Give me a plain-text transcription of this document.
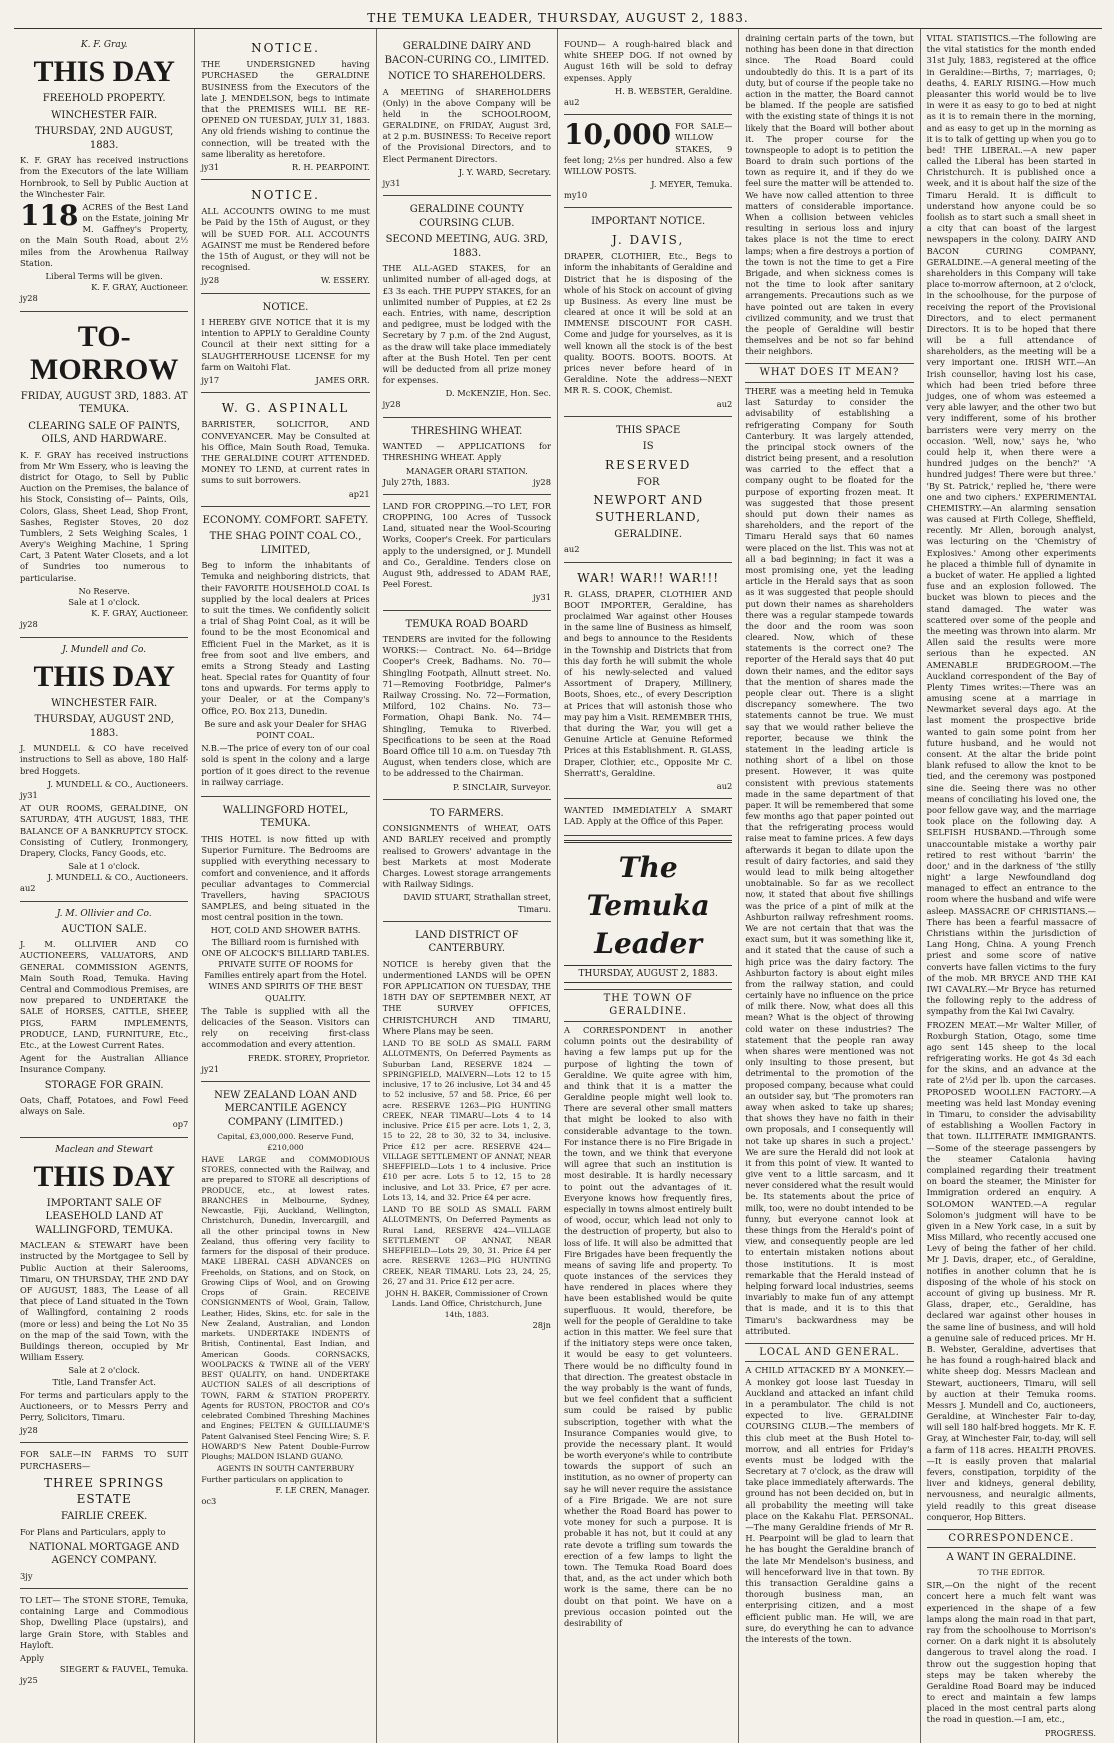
THE TEMUKA LEADER, THURSDAY, AUGUST 2, 1883.
K. F. Gray.
THIS DAY
FREEHOLD PROPERTY.
WINCHESTER FAIR.
THURSDAY, 2ND AUGUST, 1883.

K. F. GRAY has received instructions from the Executors of the late William Hornbrook, to Sell by Public Auction at the Winchester Fair.

118 ACRES of the Best Land on the Estate, joining Mr M. Gaffney's Property, on the Main South Road, about 2½ miles from the Arowhenua Railway Station.

Liberal Terms will be given.
K. F. GRAY, Auctioneer.
jy28
TO-MORROW
FRIDAY, AUGUST 3RD, 1883. AT TEMUKA.
CLEARING SALE OF PAINTS, OILS, AND HARDWARE.

K. F. GRAY has received instructions from Mr Wm Essery, who is leaving the district for Otago, to Sell by Public Auction on the Premises, the balance of his Stock, Consisting of— Paints, Oils, Colors, Glass, Sheet Lead, Shop Front, Sashes, Register Stoves, 20 doz Tumblers, 2 Sets Weighing Scales, 1 Avery's Weighing Machine, 1 Spring Cart, 3 Patent Water Closets, and a lot of Sundries too numerous to particularise.

No Reserve.
Sale at 1 o'clock.
K. F. GRAY, Auctioneer.
jy28
J. Mundell and Co.
THIS DAY
WINCHESTER FAIR.
THURSDAY, AUGUST 2ND, 1883.

J. MUNDELL & CO have received instructions to Sell as above, 180 Half-bred Hoggets.

J. MUNDELL & CO., Auctioneers.
jy31

AT OUR ROOMS, GERALDINE, ON SATURDAY, 4TH AUGUST, 1883, THE BALANCE OF A BANKRUPTCY STOCK. Consisting of Cutlery, Ironmongery, Drapery, Clocks, Fancy Goods, etc.

Sale at 1 o'clock.
J. MUNDELL & CO., Auctioneers.
au2
J. M. Ollivier and Co.
AUCTION SALE.

J. M. OLLIVIER AND CO AUCTIONEERS, VALUATORS, AND GENERAL COMMISSION AGENTS, Main South Road, Temuka. Having Central and Commodious Premises, are now prepared to UNDERTAKE the SALE of HORSES, CATTLE, SHEEP, PIGS, FARM IMPLEMENTS, PRODUCE, LAND, FURNITURE, Etc., Etc., at the Lowest Current Rates.

Agent for the Australian Alliance Insurance Company.

STORAGE FOR GRAIN.

Oats, Chaff, Potatoes, and Fowl Feed always on Sale.

op7
Maclean and Stewart
THIS DAY
IMPORTANT SALE OF LEASEHOLD LAND AT WALLINGFORD, TEMUKA.

MACLEAN & STEWART have been instructed by the Mortgagee to Sell by Public Auction at their Salerooms, Timaru, ON THURSDAY, THE 2ND DAY OF AUGUST, 1883, The Lease of all that piece of Land situated in the Town of Wallingford, containing 2 roods (more or less) and being the Lot No 35 on the map of the said Town, with the Buildings thereon, occupied by Mr William Essery.

Sale at 2 o'clock.
Title, Land Transfer Act.

For terms and particulars apply to the Auctioneers, or to Messrs Perry and Perry, Solicitors, Timaru.

jy28

FOR SALE—IN FARMS TO SUIT PURCHASERS—

THREE SPRINGS ESTATE
FAIRLIE CREEK.

For Plans and Particulars, apply to

NATIONAL MORTGAGE AND AGENCY COMPANY.
3jy

TO LET— The STONE STORE, Temuka, containing Large and Commodious Shop, Dwelling Place (upstairs), and large Grain Store, with Stables and Hayloft.

Apply
SIEGERT & FAUVEL, Temuka.
jy25
NOTICE.

THE UNDERSIGNED having PURCHASED the GERALDINE BUSINESS from the Executors of the late J. MENDELSON, begs to intimate that the PREMISES WILL BE RE-OPENED ON TUESDAY, JULY 31, 1883. Any old friends wishing to continue the connection, will be treated with the same liberality as heretofore.

jy31	R. H. PEARPOINT.
NOTICE.

ALL ACCOUNTS OWING to me must be Paid by the 15th of August, or they will be SUED FOR. ALL ACCOUNTS AGAINST me must be Rendered before the 15th of August, or they will not be recognised.

jy28	W. ESSERY.
NOTICE.

I HEREBY GIVE NOTICE that it is my intention to APPLY to Geraldine County Council at their next sitting for a SLAUGHTERHOUSE LICENSE for my farm on Waitohi Flat.

jy17	JAMES ORR.
W. G. ASPINALL

BARRISTER, SOLICITOR, AND CONVEYANCER. May be Consulted at his Office, Main South Road, Temuka. THE GERALDINE COURT ATTENDED. MONEY TO LEND, at current rates in sums to suit borrowers.

ap21
ECONOMY. COMFORT. SAFETY.
THE SHAG POINT COAL CO., LIMITED,

Beg to inform the inhabitants of Temuka and neighboring districts, that their FAVORITE HOUSEHOLD COAL Is supplied by the local dealers at Prices to suit the times. We confidently solicit a trial of Shag Point Coal, as it will be found to be the most Economical and Efficient Fuel in the Market, as it is free from soot and live embers, and emits a Strong Steady and Lasting heat. Special rates for Quantity of four tons and upwards. For terms apply to your Dealer, or at the Company's Office, P.O. Box 213, Dunedin.

Be sure and ask your Dealer for SHAG POINT COAL.

N.B.—The price of every ton of our coal sold is spent in the colony and a large portion of it goes direct to the revenue in railway carriage.

WALLINGFORD HOTEL, TEMUKA.

THIS HOTEL is now fitted up with Superior Furniture. The Bedrooms are supplied with everything necessary to comfort and convenience, and it affords peculiar advantages to Commercial Travellers, having SPACIOUS SAMPLES, and being situated in the most central position in the town.

HOT, COLD AND SHOWER BATHS.
The Billiard room is furnished with ONE OF ALCOCK'S BILLIARD TABLES.
PRIVATE SUITE OF ROOMS for Families entirely apart from the Hotel.
WINES AND SPIRITS OF THE BEST QUALITY.

The Table is supplied with all the delicacies of the Season. Visitors can rely on receiving first-class accommodation and every attention.

FREDK. STOREY, Proprietor.
jy21
NEW ZEALAND LOAN AND MERCANTILE AGENCY COMPANY (LIMITED.)
Capital, £3,000,000. Reserve Fund, £210,000

HAVE LARGE and COMMODIOUS STORES, connected with the Railway, and are prepared to STORE all descriptions of PRODUCE, etc., at lowest rates. BRANCHES in Melbourne, Sydney, Newcastle, Fiji, Auckland, Wellington, Christchurch, Dunedin, Invercargill, and all the other principal towns in New Zealand, thus offering very facility to farmers for the disposal of their produce. MAKE LIBERAL CASH ADVANCES on Freeholds, on Stations, and on Stock, on Growing Clips of Wool, and on Growing Crops of Grain. RECEIVE CONSIGNMENTS of Wool, Grain, Tallow, Leather, Hides, Skins, etc. for sale in the New Zealand, Australian, and London markets. UNDERTAKE INDENTS of British, Continental, East Indian, and American Goods. CORNSACKS, WOOLPACKS & TWINE all of the VERY BEST QUALITY, on hand. UNDERTAKE AUCTION SALES of all descriptions of TOWN, FARM & STATION PROPERTY. Agents for RUSTON, PROCTOR and CO's celebrated Combined Threshing Machines and Engines; FELTEN & GUILLIAUME'S Patent Galvanised Steel Fencing Wire; S. F. HOWARD'S New Patent Double-Furrow Ploughs; MALDON ISLAND GUANO.

AGENTS IN SOUTH CANTERBURY
Further particulars on application to
F. LE CREN, Manager.
oc3
GERALDINE DAIRY AND BACON-CURING CO., LIMITED.
NOTICE TO SHAREHOLDERS.

A MEETING of SHAREHOLDERS (Only) in the above Company will be held in the SCHOOLROOM, GERALDINE, on FRIDAY, August 3rd, at 2 p.m. BUSINESS: To Receive report of the Provisional Directors, and to Elect Permanent Directors.

J. Y. WARD, Secretary.
jy31
GERALDINE COUNTY COURSING CLUB.
SECOND MEETING, AUG. 3RD, 1883.

THE ALL-AGED STAKES, for an unlimited number of all-aged dogs, at £3 3s each. THE PUPPY STAKES, for an unlimited number of Puppies, at £2 2s each. Entries, with name, description and pedigree, must be lodged with the Secretary by 7 p.m. of the 2nd August, as the draw will take place immediately after at the Bush Hotel. Ten per cent will be deducted from all prize money for expenses.

D. McKENZIE, Hon. Sec.
jy28
THRESHING WHEAT.

WANTED — APPLICATIONS for THRESHING WHEAT. Apply

MANAGER ORARI STATION.
July 27th, 1883.	jy28

LAND FOR CROPPING.—TO LET, FOR CROPPING, 100 Acres of Tussock Land, situated near the Wool-Scouring Works, Cooper's Creek. For particulars apply to the undersigned, or J. Mundell and Co., Geraldine. Tenders close on August 9th, addressed to ADAM RAE, Peel Forest.

jy31
TEMUKA ROAD BOARD

TENDERS are invited for the following WORKS:— Contract. No. 64—Bridge Cooper's Creek, Badhams. No. 70—Shingling Footpath, Allnutt street. No. 71—Removing Footbridge, Palmer's Railway Crossing. No. 72—Formation, Milford, 102 Chains. No. 73—Formation, Ohapi Bank. No. 74—Shingling, Temuka to Riverbed. Specifications to be seen at the Road Board Office till 10 a.m. on Tuesday 7th August, when tenders close, which are to be addressed to the Chairman.

P. SINCLAIR, Surveyor.
TO FARMERS.

CONSIGNMENTS of WHEAT, OATS AND BARLEY received and promptly realised to Growers' advantage in the best Markets at most Moderate Charges. Lowest storage arrangements with Railway Sidings.

DAVID STUART, Strathallan street, Timaru.
LAND DISTRICT OF CANTERBURY.

NOTICE is hereby given that the undermentioned LANDS will be OPEN FOR APPLICATION ON TUESDAY, THE 18TH DAY OF SEPTEMBER NEXT, AT THE SURVEY OFFICES, CHRISTCHURCH AND TIMARU, Where Plans may be seen.

LAND TO BE SOLD AS SMALL FARM ALLOTMENTS, On Deferred Payments as Suburban Land, RESERVE 1824 — SPRINGFIELD, MALVERN—Lots 12 to 15 inclusive, 17 to 26 inclusive, Lot 34 and 45 to 52 inclusive, 57 and 58. Price, £6 per acre. RESERVE 1263—PIG HUNTING CREEK, NEAR TIMARU—Lots 4 to 14 inclusive. Price £15 per acre. Lots 1, 2, 3, 15 to 22, 28 to 30, 32 to 34, inclusive. Price £12 per acre. RESERVE 424—VILLAGE SETTLEMENT OF ANNAT, NEAR SHEFFIELD—Lots 1 to 4 inclusive. Price £10 per acre. Lots 5 to 12, 15 to 28 inclusive, and Lot 33. Price, £7 per acre. Lots 13, 14, and 32. Price £4 per acre.

LAND TO BE SOLD AS SMALL FARM ALLOTMENTS, On Deferred Payments as Rural Land, RESERVE 424—VILLAGE SETTLEMENT OF ANNAT, NEAR SHEFFIELD—Lots 29, 30, 31. Price £4 per acre. RESERVE 1263—PIG HUNTING CREEK, NEAR TIMARU. Lots 23, 24, 25, 26, 27 and 31. Price £12 per acre.

JOHN H. BAKER, Commissioner of Crown Lands. Land Office, Christchurch, June 14th, 1883.
28jn

FOUND— A rough-haired black and white SHEEP DOG. If not owned by August 16th will be sold to defray expenses. Apply

H. B. WEBSTER, Geraldine.
au2

10,000 FOR SALE— WILLOW STAKES, 9 feet long; 2½s per hundred. Also a few WILLOW POSTS.

J. MEYER, Temuka.
my10
IMPORTANT NOTICE.
J. DAVIS,

DRAPER, CLOTHIER, Etc., Begs to inform the inhabitants of Geraldine and District that he is disposing of the whole of his Stock on account of giving up Business. As every line must be cleared at once it will be sold at an IMMENSE DISCOUNT FOR CASH. Come and judge for yourselves, as it is well known all the stock is of the best quality. BOOTS. BOOTS. BOOTS. At prices never before heard of in Geraldine. Note the address—NEXT MR R. S. COOK, Chemist.

au2
THIS SPACE
IS
RESERVED
FOR
NEWPORT AND SUTHERLAND,
GERALDINE.
au2
WAR! WAR!! WAR!!!

R. GLASS, DRAPER, CLOTHIER AND BOOT IMPORTER, Geraldine, has proclaimed War against other Houses in the same line of Business as himself, and begs to announce to the Residents in the Township and Districts that from this day forth he will submit the whole of his newly-selected and valued Assortment of Drapery, Millinery, Boots, Shoes, etc., of every Description at Prices that will astonish those who may pay him a Visit. REMEMBER THIS, that during the War, you will get a Genuine Article at Genuine Reformed Prices at this Establishment. R. GLASS, Draper, Clothier, etc., Opposite Mr C. Sherratt's, Geraldine.

au2

WANTED IMMEDIATELY A SMART LAD. Apply at the Office of this Paper.

The Temuka Leader
THURSDAY, AUGUST 2, 1883.
THE TOWN OF GERALDINE.

A CORRESPONDENT in another column points out the desirability of having a few lamps put up for the purpose of lighting the town of Geraldine. We quite agree with him, and think that it is a matter the Geraldine people might well look to. There are several other small matters that might be looked to also with considerable advantage to the town. For instance there is no Fire Brigade in the town, and we think that everyone will agree that such an institution is most desirable. It is hardly necessary to point out the advantages of it. Everyone knows how frequently fires, especially in towns almost entirely built of wood, occur, which lead not only to the destruction of property, but also to loss of life. It will also be admitted that Fire Brigades have been frequently the means of saving life and property. To quote instances of the services they have rendered in places where they have been established would be quite superfluous. It would, therefore, be well for the people of Geraldine to take action in this matter. We feel sure that if the initiatory steps were once taken, it would be easy to get volunteers. There would be no difficulty found in that direction. The greatest obstacle in the way probably is the want of funds, but we feel confident that a sufficient sum could be raised by public subscription, together with what the Insurance Companies would give, to provide the necessary plant. It would be worth everyone's while to contribute towards the support of such an institution, as no owner of property can say he will never require the assistance of a Fire Brigade. We are not sure whether the Road Board has power to vote money for such a purpose. It is probable it has not, but it could at any rate devote a trifling sum towards the erection of a few lamps to light the town. The Temuka Road Board does that, and, as the act under which both work is the same, there can be no doubt on that point. We have on a previous occasion pointed out the desirability of

draining certain parts of the town, but nothing has been done in that direction since. The Road Board could undoubtedly do this. It is a part of its duty, but of course if the people take no action in the matter, the Board cannot be blamed. If the people are satisfied with the existing state of things it is not likely that the Board will bother about it. The proper course for the townspeople to adopt is to petition the Board to drain such portions of the town as require it, and if they do we feel sure the matter will be attended to. We have now called attention to three matters of considerable importance. When a collision between vehicles resulting in serious loss and injury takes place is not the time to erect lamps; when a fire destroys a portion of the town is not the time to get a Fire Brigade, and when sickness comes is not the time to look after sanitary arrangements. Precautions such as we have pointed out are taken in every civilized community, and we trust that the people of Geraldine will bestir themselves and be not so far behind their neighbors.

WHAT DOES IT MEAN?

THERE was a meeting held in Temuka last Saturday to consider the advisability of establishing a refrigerating Company for South Canterbury. It was largely attended, the principal stock owners of the district being present, and a resolution was carried to the effect that a company ought to be floated for the purpose of exporting frozen meat. It was suggested that those present should put down their names as shareholders, and the report of the Timaru Herald says that 60 names were placed on the list. This was not at all a bad beginning; in fact it was a most promising one, yet the leading article in the Herald says that as soon as it was suggested that people should put down their names as shareholders there was a regular stampede towards the door and the room was soon cleared. Now, which of these statements is the correct one? The reporter of the Herald says that 40 put down their names, and the editor says that the mention of shares made the people clear out. There is a slight discrepancy somewhere. The two statements cannot be true. We must say that we would rather believe the reporter, because we think the statement in the leading article is nothing short of a libel on those present. However, it was quite consistent with previous statements made in the same department of that paper. It will be remembered that some few months ago that paper pointed out that the refrigerating process would raise meat to famine prices. A few days afterwards it began to dilate upon the result of dairy factories, and said they would lead to milk being altogether unobtainable. So far as we recollect now, it stated that about five shillings was the price of a pint of milk at the Ashburton railway refreshment rooms. We are not certain that that was the exact sum, but it was something like it, and it stated that the cause of such a high price was the dairy factory. The Ashburton factory is about eight miles from the railway station, and could certainly have no influence on the price of milk there. Now, what does all this mean? What is the object of throwing cold water on these industries? The statement that the people ran away when shares were mentioned was not only insulting to those present, but detrimental to the promotion of the proposed company, because what could an outsider say, but 'The promoters ran away when asked to take up shares; that shows they have no faith in their own proposals, and I consequently will not take up shares in such a project.' We are sure the Herald did not look at it from this point of view. It wanted to give vent to a little sarcasm, and it never considered what the result would be. Its statements about the price of milk, too, were no doubt intended to be funny, but everyone cannot look at these things from the Herald's point of view, and consequently people are led to entertain mistaken notions about those institutions. It is most remarkable that the Herald instead of helping forward local industries, seems invariably to make fun of any attempt that is made, and it is to this that Timaru's backwardness may be attributed.

LOCAL AND GENERAL.

A CHILD ATTACKED BY A MONKEY.—A monkey got loose last Tuesday in Auckland and attacked an infant child in a perambulator. The child is not expected to live. GERALDINE COURSING CLUB.—The members of this club meet at the Bush Hotel to-morrow, and all entries for Friday's events must be lodged with the Secretary at 7 o'clock, as the draw will take place immediately afterwards. The ground has not been decided on, but in all probability the meeting will take place on the Kakahu Flat. PERSONAL.—The many Geraldine friends of Mr R. H. Pearpoint will be glad to learn that he has bought the Geraldine branch of the late Mr Mendelson's business, and will henceforward live in that town. By this transaction Geraldine gains a thorough business man, an enterprising citizen, and a most efficient public man. He will, we are sure, do everything he can to advance the interests of the town.

VITAL STATISTICS.—The following are the vital statistics for the month ended 31st July, 1883, registered at the office in Geraldine:—Births, 7; marriages, 0; deaths, 4. EARLY RISING.—How much pleasanter this world would be to live in were it as easy to go to bed at night as it is to remain there in the morning, and as easy to get up in the morning as it is to talk of getting up when you go to bed! THE LIBERAL.—A new paper called the Liberal has been started in Christchurch. It is published once a week, and it is about half the size of the Timaru Herald. It is difficult to understand how anyone could be so foolish as to start such a small sheet in a city that can boast of the largest newspapers in the colony. DAIRY AND BACON CURING COMPANY, GERALDINE.—A general meeting of the shareholders in this Company will take place to-morrow afternoon, at 2 o'clock, in the schoolhouse, for the purpose of receiving the report of the Provisional Directors, and to elect permanent Directors. It is to be hoped that there will be a full attendance of shareholders, as the meeting will be a very important one. IRISH WIT.—An Irish counsellor, having lost his case, which had been tried before three judges, one of whom was esteemed a very able lawyer, and the other two but very indifferent, some of his brother barristers were very merry on the occasion. 'Well, now,' says he, 'who could help it, when there were a hundred judges on the bench?' 'A hundred judges! There were but three.' 'By St. Patrick,' replied he, 'there were one and two ciphers.' EXPERIMENTAL CHEMISTRY.—An alarming sensation was caused at Firth College, Sheffield, recently. Mr Allen, borough analyst, was lecturing on the 'Chemistry of Explosives.' Among other experiments he placed a thimble full of dynamite in a bucket of water. He applied a lighted fuse and an explosion followed. The bucket was blown to pieces and the stand damaged. The water was scattered over some of the people and the meeting was thrown into alarm. Mr Allen said the results were more serious than he expected. AN AMENABLE BRIDEGROOM.—The Auckland correspondent of the Bay of Plenty Times writes:—There was an amusing scene at a marriage in Newmarket several days ago. At the last moment the prospective bride wanted to gain some point from her future husband, and he would not consent. At the altar the bride point blank refused to allow the knot to be tied, and the ceremony was postponed sine die. Seeing there was no other means of conciliating his loved one, the poor fellow gave way, and the marriage took place on the following day. A SELFISH HUSBAND.—Through some unaccountable mistake a worthy pair retired to rest without 'barrin' the door,' and in the darkness of 'the stilly night' a large Newfoundland dog managed to effect an entrance to the room where the husband and wife were asleep. MASSACRE OF CHRISTIANS.—There has been a fearful massacre of Christians within the jurisdiction of Lang Hong, China. A young French priest and some score of native converts have fallen victims to the fury of the mob. MR BRYCE AND THE KAI IWI CAVALRY.—Mr Bryce has returned the following reply to the address of sympathy from the Kai Iwi Cavalry.

FROZEN MEAT.—Mr Walter Miller, of Roxburgh Station, Otago, some time ago sent 145 sheep to the local refrigerating works. He got 4s 3d each for the skins, and an advance at the rate of 2½d per lb. upon the carcases. PROPOSED WOOLLEN FACTORY.—A meeting was held last Monday evening in Timaru, to consider the advisability of establishing a Woollen Factory in that town. ILLITERATE IMMIGRANTS.—Some of the steerage passengers by the steamer Catalonia having complained regarding their treatment on board the steamer, the Minister for Immigration ordered an enquiry. A SOLOMON WANTED.—A regular Solomon's judgment will have to be given in a New York case, in a suit by Miss Millard, who recently accused one Levy of being the father of her child. Mr J. Davis, draper, etc., of Geraldine, notifies in another column that he is disposing of the whole of his stock on account of giving up business. Mr R. Glass, draper, etc., Geraldine, has declared war against other houses in the same line of business, and will hold a genuine sale of reduced prices. Mr H. B. Webster, Geraldine, advertises that he has found a rough-haired black and white sheep dog. Messrs Maclean and Stewart, auctioneers, Timaru, will sell by auction at their Temuka rooms. Messrs J. Mundell and Co, auctioneers, Geraldine, at Winchester Fair to-day, will sell 180 half-bred hoggets. Mr K. F. Gray, at Winchester Fair, to-day, will sell a farm of 118 acres. HEALTH PROVES.—It is easily proven that malarial fevers, constipation, torpidity of the liver and kidneys, general debility, nervousness, and neuralgic ailments, yield readily to this great disease conqueror, Hop Bitters.

CORRESPONDENCE.
A WANT IN GERALDINE.
TO THE EDITOR.

SIR,—On the night of the recent concert here a much felt want was experienced in the shape of a few lamps along the main road in that part, ray from the schoolhouse to Morrison's corner. On a dark night it is absolutely dangerous to travel along the road. I throw out the suggestion hoping that steps may be taken whereby the Geraldine Road Board may be induced to erect and maintain a few lamps placed in the most central parts along the road in question.—I am, etc.,

PROGRESS.
